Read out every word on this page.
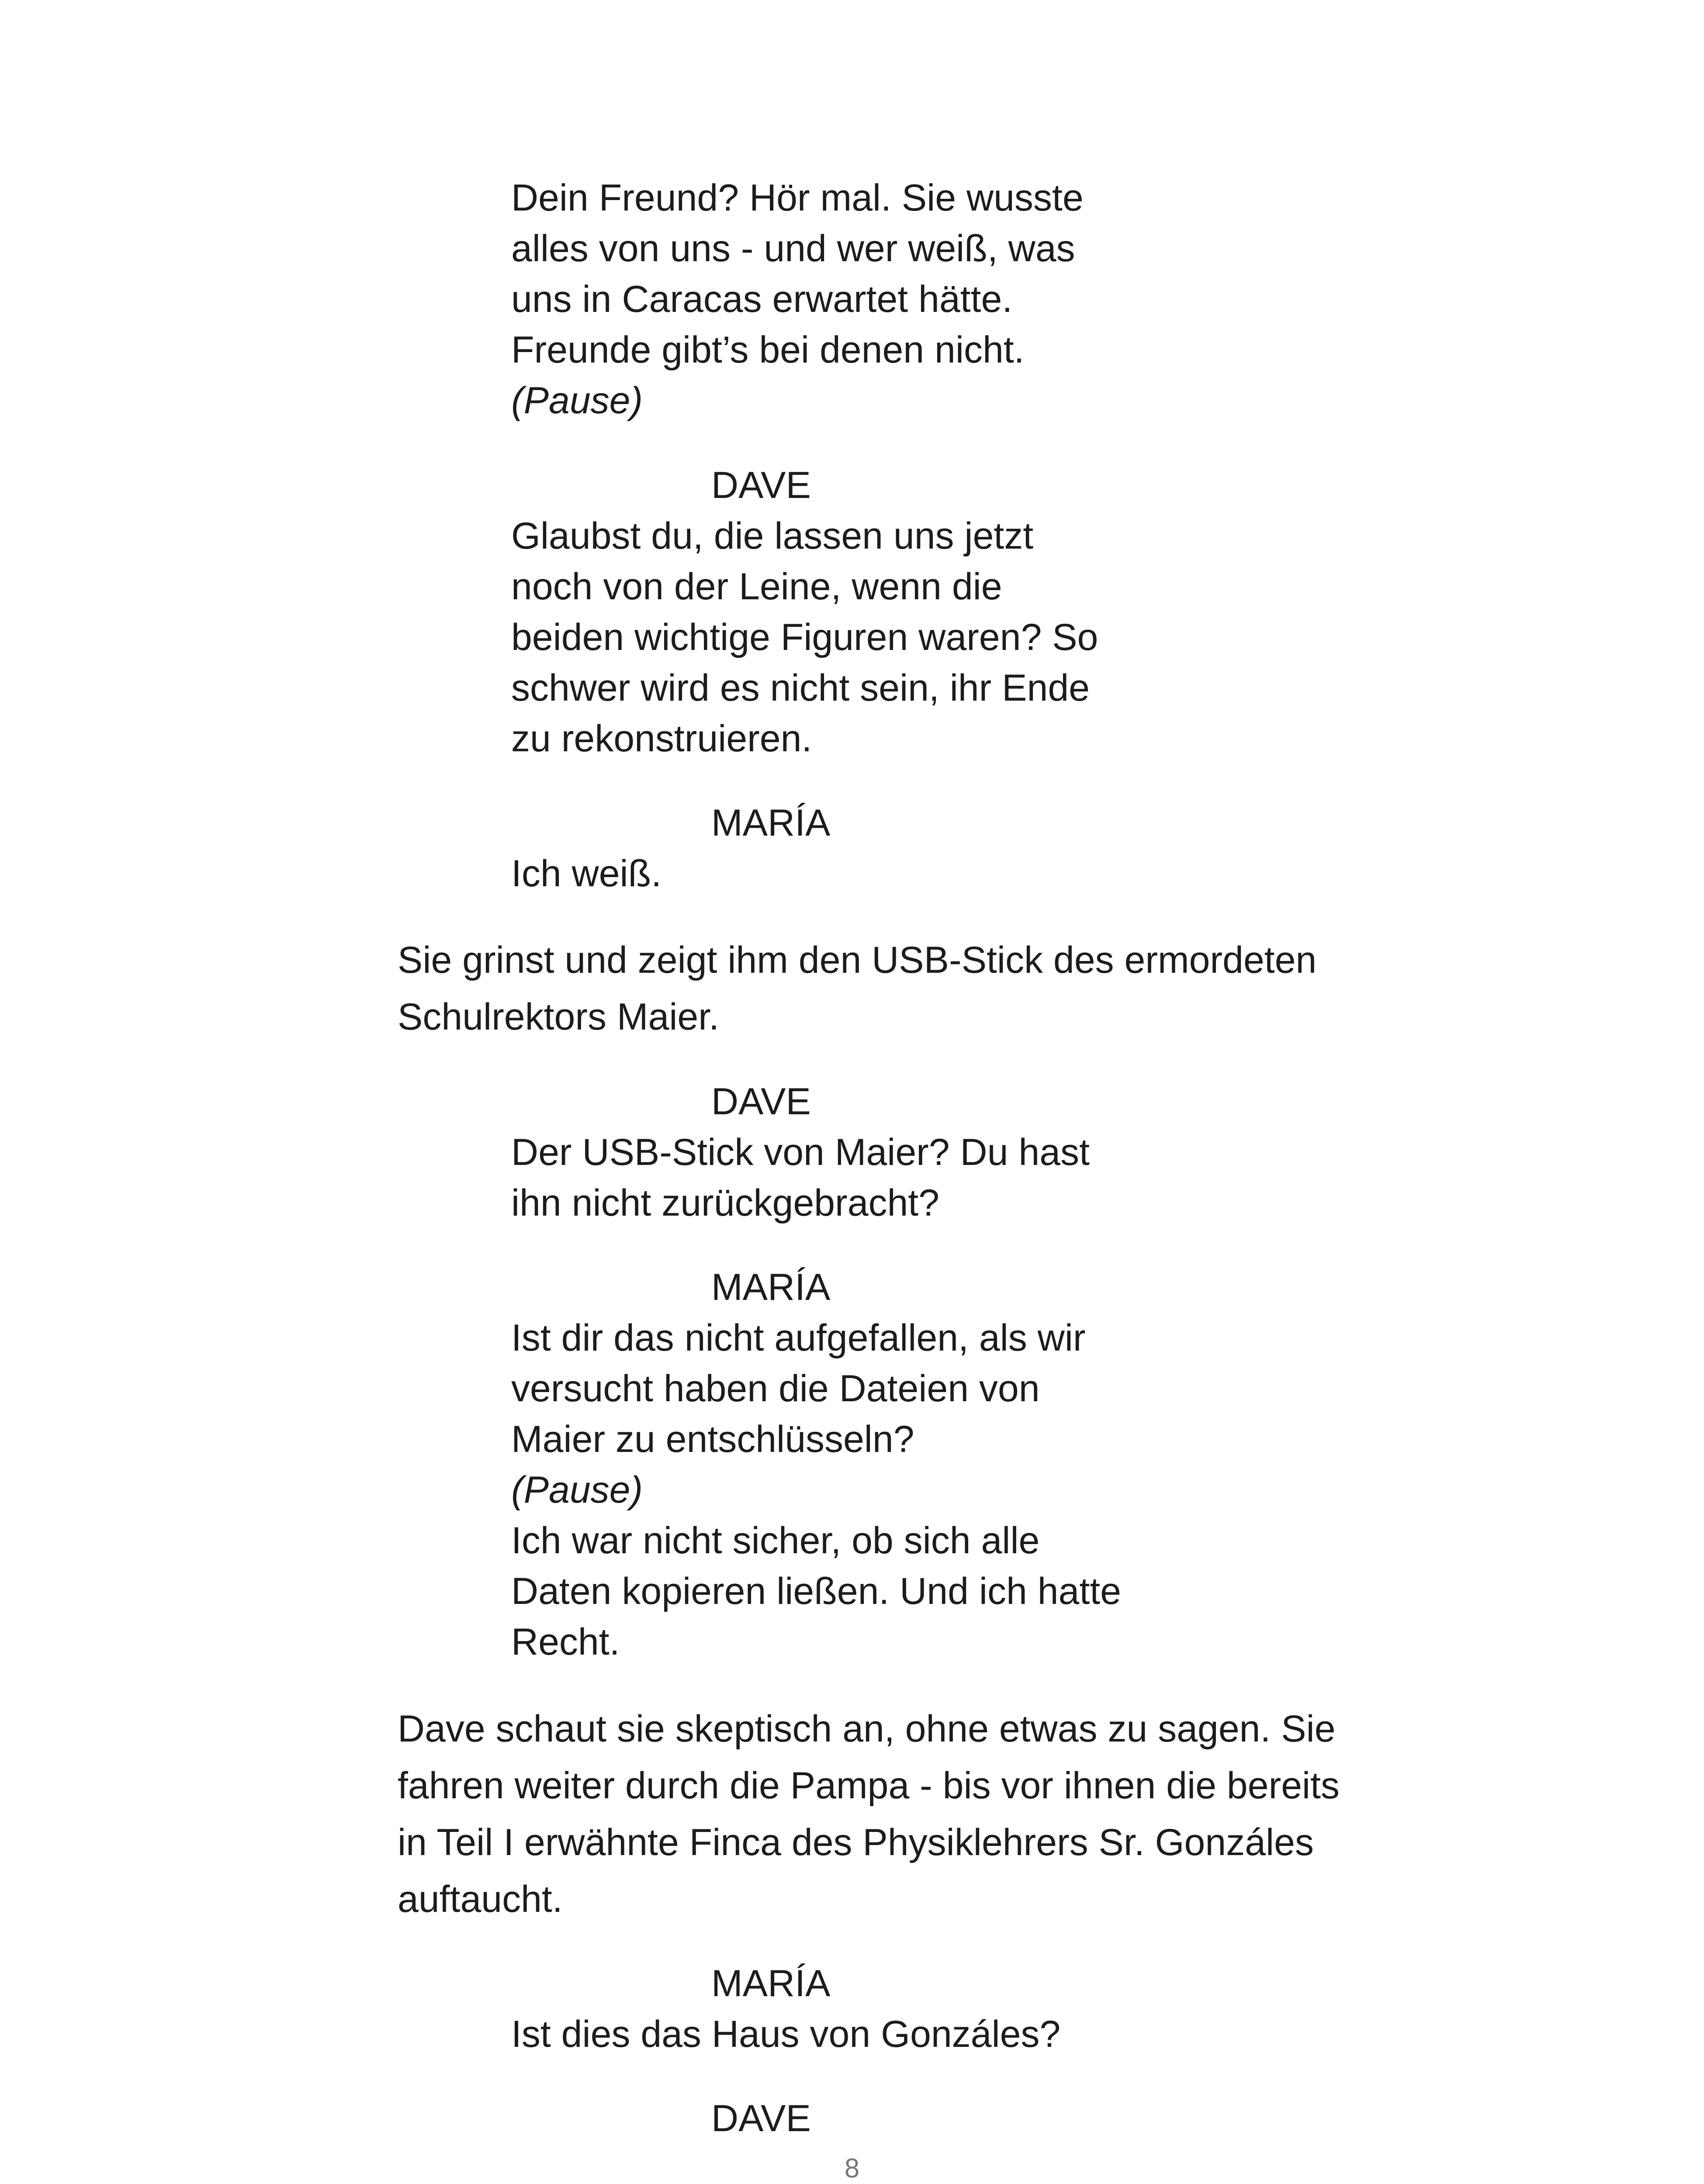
Dein Freund? Hör mal. Sie wusste

alles von uns - und wer weiß, was

uns in Caracas erwartet hätte.

Freunde gibt’s bei denen nicht.

(Pause)

DAVE

Glaubst du, die lassen uns jetzt

noch von der Leine, wenn die

beiden wichtige Figuren waren? So

schwer wird es nicht sein, ihr Ende

zu rekonstruieren.

MARÍA

Ich weiß.

Sie grinst und zeigt ihm den USB-Stick des ermordeten

Schulrektors Maier.

DAVE

Der USB-Stick von Maier? Du hast

ihn nicht zurückgebracht?

MARÍA

Ist dir das nicht aufgefallen, als wir

versucht haben die Dateien von

Maier zu entschlüsseln?

(Pause)

Ich war nicht sicher, ob sich alle

Daten kopieren ließen. Und ich hatte

Recht.

Dave schaut sie skeptisch an, ohne etwas zu sagen. Sie

fahren weiter durch die Pampa - bis vor ihnen die bereits

in Teil I erwähnte Finca des Physiklehrers Sr. Gonzáles

auftaucht.

MARÍA

Ist dies das Haus von Gonzáles?

DAVE

8
